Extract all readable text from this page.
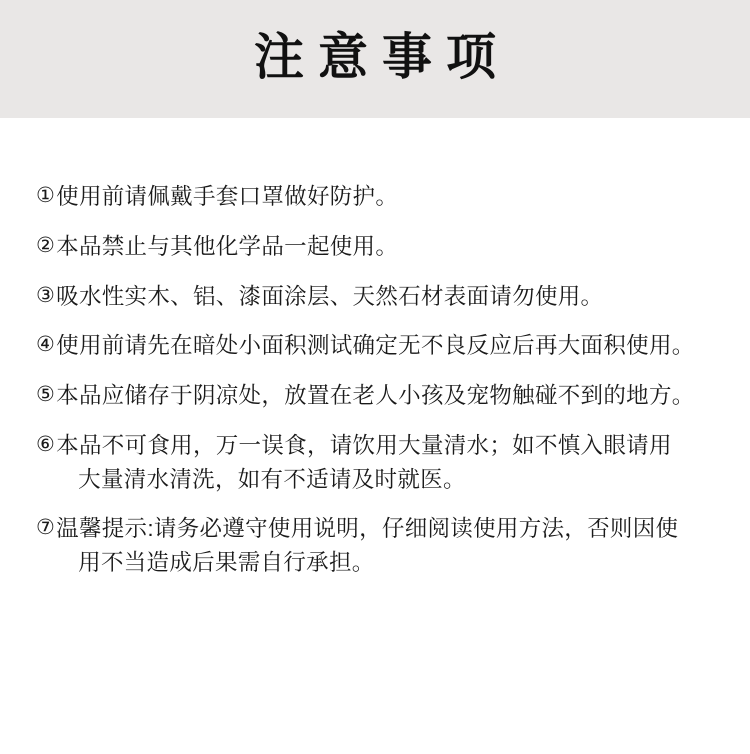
注意事项
① 使用前请佩戴手套口罩做好防护。
② 本品禁止与其他化学品一起使用。
③ 吸水性实木、铝、漆面涂层、天然石材表面请勿使用。
④ 使用前请先在暗处小面积测试确定无不良反应后再大面积使用。
⑤ 本品应储存于阴凉处，放置在老人小孩及宠物触碰不到的地方。
⑥ 本品不可食用，万一误食，请饮用大量清水；如不慎入眼请用
大量清水清洗，如有不适请及时就医。
⑦ 温馨提示:请务必遵守使用说明，仔细阅读使用方法，否则因使
用不当造成后果需自行承担。
